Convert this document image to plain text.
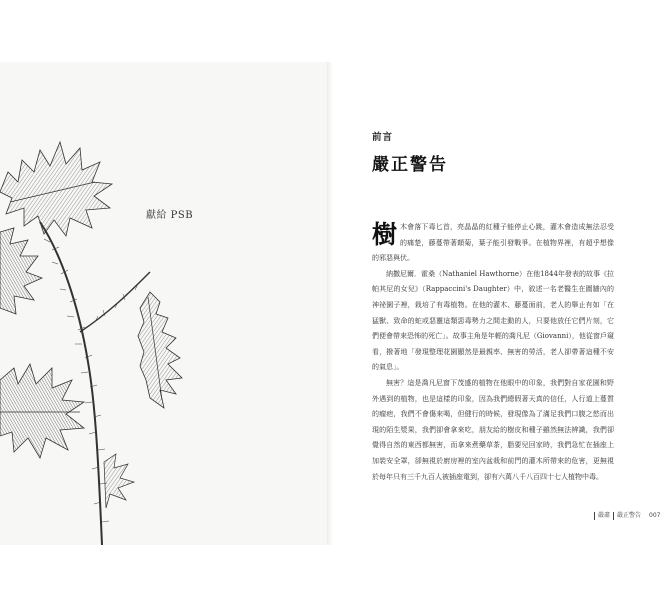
獻給 PSB
前言
嚴正警告

樹木會落下毒匕首，亮晶晶的紅種子能停止心跳，灌木會造成無法忍受的痛楚，藤蔓帶著顛菊，葉子能引發戰爭。在植物界裡，有超乎想像的邪惡與伏。

納撒尼爾．霍桑（Nathaniel Hawthorne）在他1844年發表的故事《拉帕其尼的女兒》（Rappaccini's Daughter）中，敘述一名老醫生在圍牆內的神祕園子裡，栽培了有毒植物。在他的灌木、藤蔓面前，老人的舉止有如「在猛獸、致命的蛇或惡靈這類惡毒勢力之間走動的人，只要他放任它們片刻，它們便會帶來恐怖的死亡」。故事主角是年輕的喬凡尼（Giovanni），他從窗戶窺看，撥著地「發現整理花園顯然是最親率、無害的勞活，老人卻帶著這種不安的氣息」。

無害？這是喬凡尼窗下茂盛的植物在他眼中的印象，我們對自家花園和野外遇到的植物，也是這樣的印象，因為我們總假著天真的信任，人行道上蔓質的瘤疤，我們不會傷來喝，但健行的時候，發現像為了滿足我們口腹之慾而出現的陌生漿果，我們卻會拿來吃，朋友給的樹皮和種子雖然無法辨識，我們卻覺得自然的東西都無害，而拿來煮藥草茶，脂要兒回家時，我們急忙在插座上加裝安全罩，卻無視於廚房裡的室內盆栽和前門的灌木所帶來的危害，更無視於每年只有三千九百人被插座電到，卻有六萬八千八百四十七人植物中毒。

嚴肅 嚴正警告 007
